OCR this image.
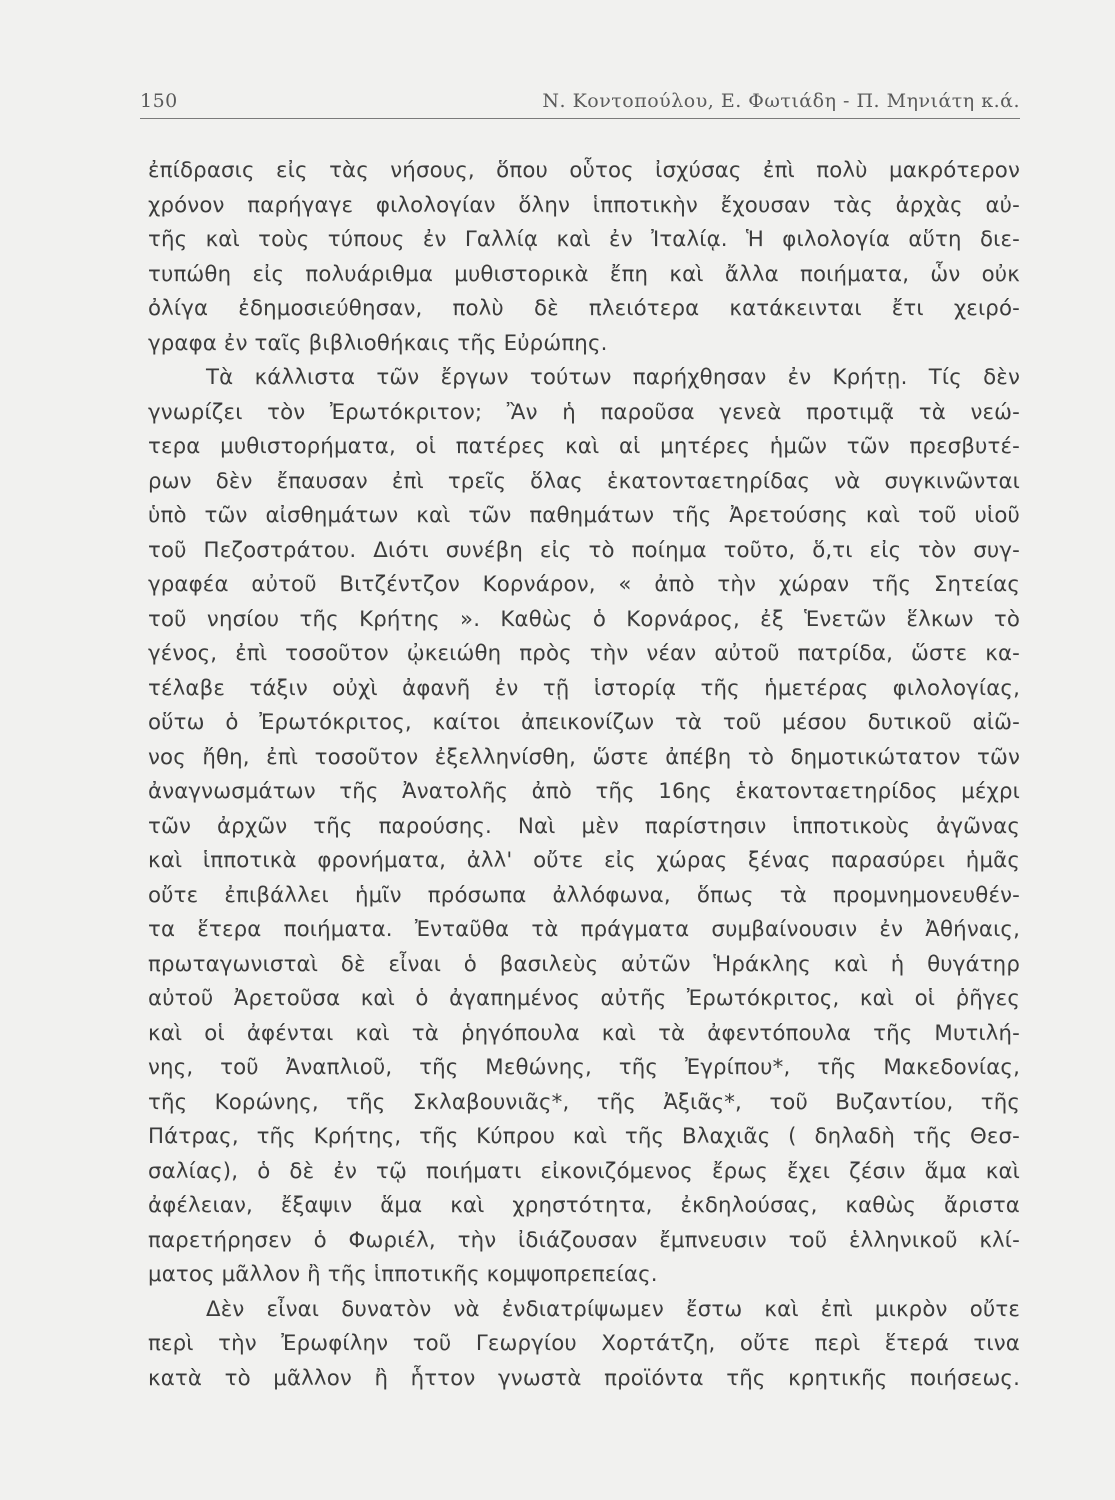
150	Ν. Κοντοπούλου, Ε. Φωτιάδη - Π. Μηνιάτη κ.ά.
ἐπίδρασις εἰς τὰς νήσους, ὅπου οὗτος ἰσχύσας ἐπὶ πολὺ μακρότερον
χρόνον παρήγαγε φιλολογίαν ὅλην ἱπποτικὴν ἔχουσαν τὰς ἀρχὰς αὐ-
τῆς καὶ τοὺς τύπους ἐν Γαλλίᾳ καὶ ἐν Ἰταλίᾳ. Ἡ φιλολογία αὕτη διε-
τυπώθη εἰς πολυάριθμα μυθιστορικὰ ἔπη καὶ ἄλλα ποιήματα, ὧν οὐκ
ὀλίγα ἐδημοσιεύθησαν, πολὺ δὲ πλειότερα κατάκεινται ἔτι χειρό-
γραφα ἐν ταῖς βιβλιοθήκαις τῆς Εὐρώπης.
Τὰ κάλλιστα τῶν ἔργων τούτων παρήχθησαν ἐν Κρήτῃ. Τίς δὲν
γνωρίζει τὸν Ἐρωτόκριτον; Ἂν ἡ παροῦσα γενεὰ προτιμᾷ τὰ νεώ-
τερα μυθιστορήματα, οἱ πατέρες καὶ αἱ μητέρες ἡμῶν τῶν πρεσβυτέ-
ρων δὲν ἔπαυσαν ἐπὶ τρεῖς ὅλας ἑκατονταετηρίδας νὰ συγκινῶνται
ὑπὸ τῶν αἰσθημάτων καὶ τῶν παθημάτων τῆς Ἀρετούσης καὶ τοῦ υἱοῦ
τοῦ Πεζοστράτου. Διότι συνέβη εἰς τὸ ποίημα τοῦτο, ὅ,τι εἰς τὸν συγ-
γραφέα αὐτοῦ Βιτζέντζον Κορνάρον, « ἀπὸ τὴν χώραν τῆς Σητείας
τοῦ νησίου τῆς Κρήτης ». Καθὼς ὁ Κορνάρος, ἐξ Ἑνετῶν ἕλκων τὸ
γένος, ἐπὶ τοσοῦτον ᾠκειώθη πρὸς τὴν νέαν αὐτοῦ πατρίδα, ὥστε κα-
τέλαβε τάξιν οὐχὶ ἀφανῆ ἐν τῇ ἱστορίᾳ τῆς ἡμετέρας φιλολογίας,
οὕτω ὁ Ἐρωτόκριτος, καίτοι ἀπεικονίζων τὰ τοῦ μέσου δυτικοῦ αἰῶ-
νος ἤθη, ἐπὶ τοσοῦτον ἐξελληνίσθη, ὥστε ἀπέβη τὸ δημοτικώτατον τῶν
ἀναγνωσμάτων τῆς Ἀνατολῆς ἀπὸ τῆς 16ης ἑκατονταετηρίδος μέχρι
τῶν ἀρχῶν τῆς παρούσης. Ναὶ μὲν παρίστησιν ἱπποτικοὺς ἀγῶνας
καὶ ἱπποτικὰ φρονήματα, ἀλλ' οὔτε εἰς χώρας ξένας παρασύρει ἡμᾶς
οὔτε ἐπιβάλλει ἡμῖν πρόσωπα ἀλλόφωνα, ὅπως τὰ προμνημονευθέν-
τα ἕτερα ποιήματα. Ἐνταῦθα τὰ πράγματα συμβαίνουσιν ἐν Ἀθήναις,
πρωταγωνισταὶ δὲ εἶναι ὁ βασιλεὺς αὐτῶν Ἡράκλης καὶ ἡ θυγάτηρ
αὐτοῦ Ἀρετοῦσα καὶ ὁ ἀγαπημένος αὐτῆς Ἐρωτόκριτος, καὶ οἱ ῥῆγες
καὶ οἱ ἀφένται καὶ τὰ ῥηγόπουλα καὶ τὰ ἀφεντόπουλα τῆς Μυτιλή-
νης, τοῦ Ἀναπλιοῦ, τῆς Μεθώνης, τῆς Ἐγρίπου*, τῆς Μακεδονίας,
τῆς Κορώνης, τῆς Σκλαβουνιᾶς*, τῆς Ἀξιᾶς*, τοῦ Βυζαντίου, τῆς
Πάτρας, τῆς Κρήτης, τῆς Κύπρου καὶ τῆς Βλαχιᾶς ( δηλαδὴ τῆς Θεσ-
σαλίας), ὁ δὲ ἐν τῷ ποιήματι εἰκονιζόμενος ἔρως ἔχει ζέσιν ἅμα καὶ
ἀφέλειαν, ἔξαψιν ἅμα καὶ χρηστότητα, ἐκδηλούσας, καθὼς ἄριστα
παρετήρησεν ὁ Φωριέλ, τὴν ἰδιάζουσαν ἔμπνευσιν τοῦ ἑλληνικοῦ κλί-
ματος μᾶλλον ἢ τῆς ἱπποτικῆς κομψοπρεπείας.
Δὲν εἶναι δυνατὸν νὰ ἐνδιατρίψωμεν ἔστω καὶ ἐπὶ μικρὸν οὔτε
περὶ τὴν Ἐρωφίλην τοῦ Γεωργίου Χορτάτζη, οὔτε περὶ ἕτερά τινα
κατὰ τὸ μᾶλλον ἢ ἧττον γνωστὰ προϊόντα τῆς κρητικῆς ποιήσεως.
